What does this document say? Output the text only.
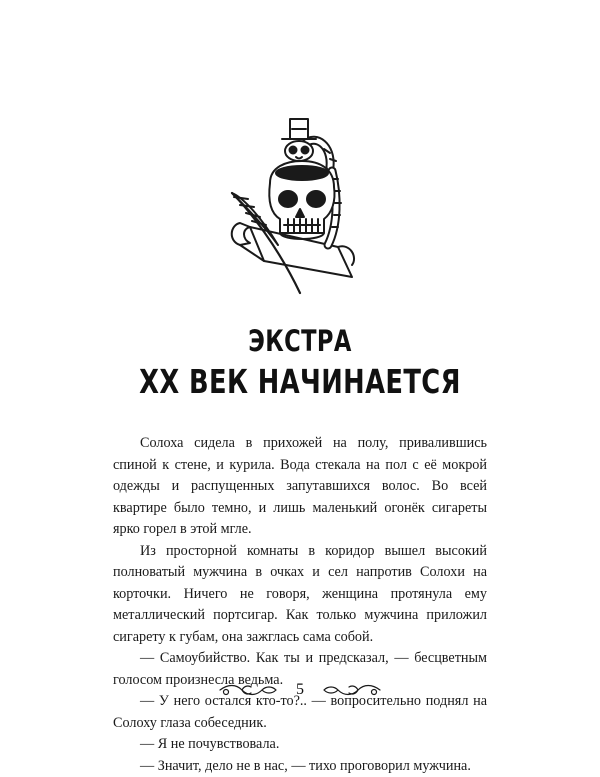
ЭКСТРА
XX ВЕК НАЧИНАЕТСЯ

Солоха сидела в прихожей на полу, привалившись спиной к стене, и курила. Вода стекала на пол с её мокрой одежды и распущенных запутавшихся волос. Во всей квартире было темно, и лишь маленький огонёк сигареты ярко горел в этой мгле.

Из просторной комнаты в коридор вышел высокий полноватый мужчина в очках и сел напротив Солохи на корточки. Ничего не говоря, женщина протянула ему металлический портсигар. Как только мужчина приложил сигарету к губам, она зажглась сама собой.

— Самоубийство. Как ты и предсказал, — бесцветным голосом произнесла ведьма.

— У него остался кто-то?.. — вопросительно поднял на Солоху глаза собеседник.

— Я не почувствовала.

— Значит, дело не в нас, — тихо проговорил мужчина.

5
